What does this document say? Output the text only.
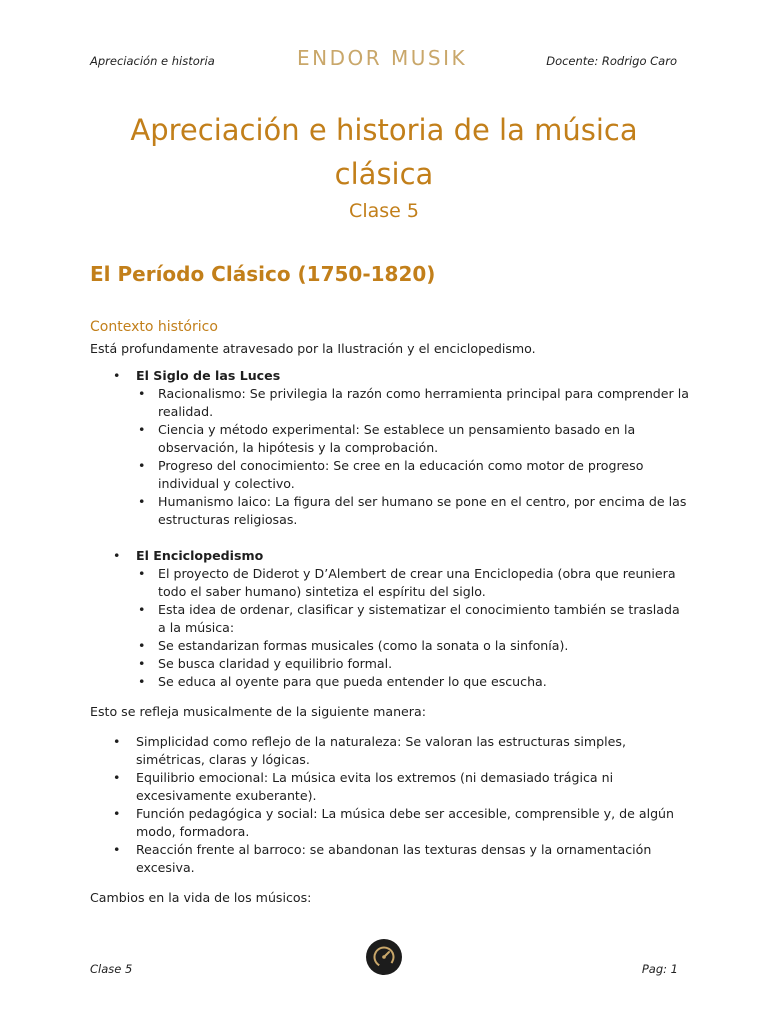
Apreciación e historia	ENDOR MUSIK	Docente: Rodrigo Caro
Apreciación e historia de la música clásica
Clase 5
El Período Clásico (1750-1820)
Contexto histórico

Está profundamente atravesado por la Ilustración y el enciclopedismo.

• El Siglo de las Luces
• Racionalismo: Se privilegia la razón como herramienta principal para comprender la realidad.
• Ciencia y método experimental: Se establece un pensamiento basado en la observación, la hipótesis y la comprobación.
• Progreso del conocimiento: Se cree en la educación como motor de progreso individual y colectivo.
• Humanismo laico: La figura del ser humano se pone en el centro, por encima de las estructuras religiosas.
• El Enciclopedismo
• El proyecto de Diderot y D’Alembert de crear una Enciclopedia (obra que reuniera todo el saber humano) sintetiza el espíritu del siglo.
• Esta idea de ordenar, clasificar y sistematizar el conocimiento también se traslada a la música:
• Se estandarizan formas musicales (como la sonata o la sinfonía).
• Se busca claridad y equilibrio formal.
• Se educa al oyente para que pueda entender lo que escucha.

Esto se refleja musicalmente de la siguiente manera:

• Simplicidad como reflejo de la naturaleza: Se valoran las estructuras simples, simétricas, claras y lógicas.
• Equilibrio emocional: La música evita los extremos (ni demasiado trágica ni excesivamente exuberante).
• Función pedagógica y social: La música debe ser accesible, comprensible y, de algún modo, formadora.
• Reacción frente al barroco: se abandonan las texturas densas y la ornamentación excesiva.

Cambios en la vida de los músicos:

Clase 5	Pag: 1
